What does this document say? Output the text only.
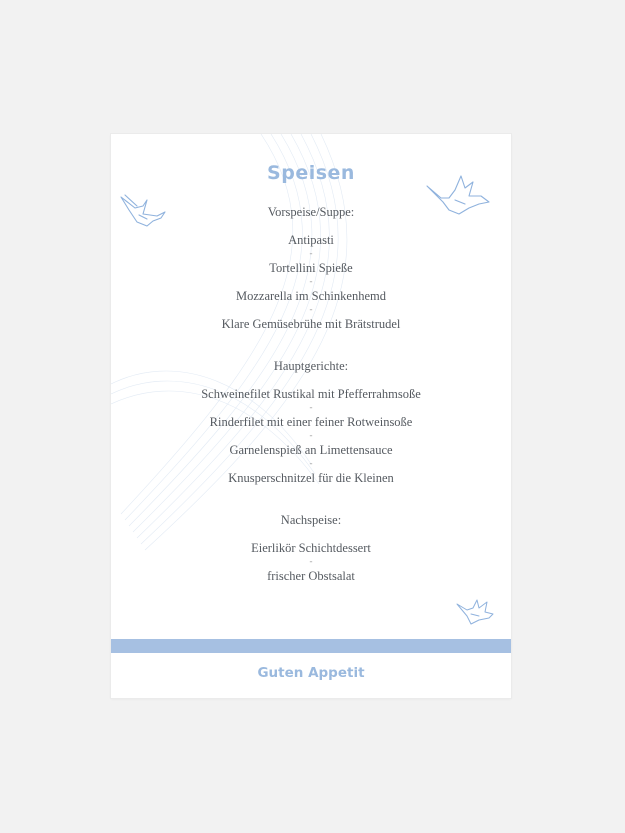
Speisen
Vorspeise/Suppe:
Antipasti
-
Tortellini Spieße
-
Mozzarella im Schinkenhemd
-
Klare Gemüsebrühe mit Brätstrudel
Hauptgerichte:
Schweinefilet Rustikal mit Pfefferrahmsoße
-
Rinderfilet mit einer feiner Rotweinsoße
-
Garnelenspieß an Limettensauce
-
Knusperschnitzel für die Kleinen
Nachspeise:
Eierlikör Schichtdessert
-
frischer Obstsalat
Guten Appetit
